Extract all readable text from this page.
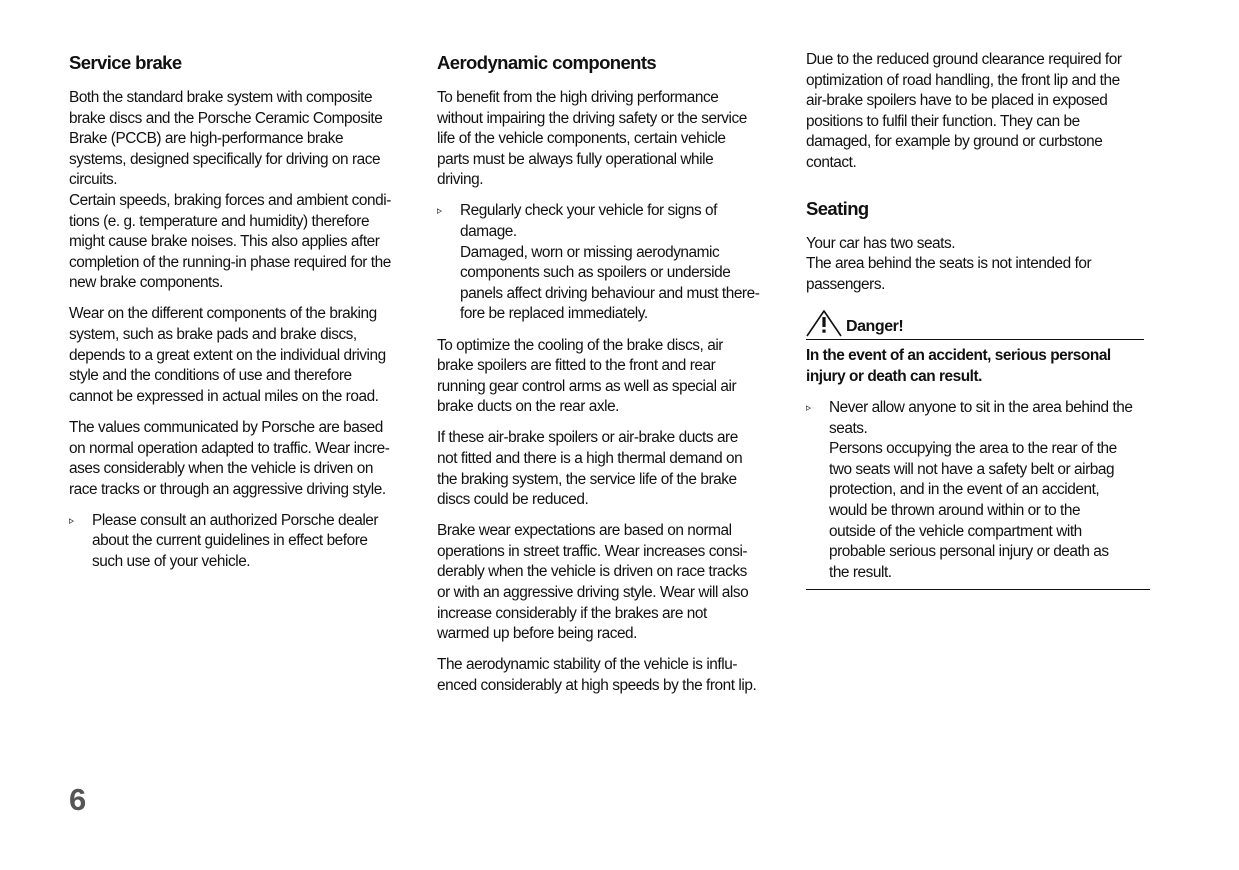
Service brake

Both the standard brake system with composite
brake discs and the Porsche Ceramic Composite
Brake (PCCB) are high-performance brake
systems, designed specifically for driving on race
circuits.
Certain speeds, braking forces and ambient condi-
tions (e. g. temperature and humidity) therefore
might cause brake noises. This also applies after
completion of the running-in phase required for the
new brake components.

Wear on the different components of the braking
system, such as brake pads and brake discs,
depends to a great extent on the individual driving
style and the conditions of use and therefore
cannot be expressed in actual miles on the road.

The values communicated by Porsche are based
on normal operation adapted to traffic. Wear incre-
ases considerably when the vehicle is driven on
race tracks or through an aggressive driving style.

▹ Please consult an authorized Porsche dealer
about the current guidelines in effect before
such use of your vehicle.
Aerodynamic components

To benefit from the high driving performance
without impairing the driving safety or the service
life of the vehicle components, certain vehicle
parts must be always fully operational while
driving.

▹ Regularly check your vehicle for signs of
damage.
Damaged, worn or missing aerodynamic
components such as spoilers or underside
panels affect driving behaviour and must there-
fore be replaced immediately.

To optimize the cooling of the brake discs, air
brake spoilers are fitted to the front and rear
running gear control arms as well as special air
brake ducts on the rear axle.

If these air-brake spoilers or air-brake ducts are
not fitted and there is a high thermal demand on
the braking system, the service life of the brake
discs could be reduced.

Brake wear expectations are based on normal
operations in street traffic. Wear increases consi-
derably when the vehicle is driven on race tracks
or with an aggressive driving style. Wear will also
increase considerably if the brakes are not
warmed up before being raced.

The aerodynamic stability of the vehicle is influ-
enced considerably at high speeds by the front lip.

Due to the reduced ground clearance required for
optimization of road handling, the front lip and the
air-brake spoilers have to be placed in exposed
positions to fulfil their function. They can be
damaged, for example by ground or curbstone
contact.

Seating

Your car has two seats.
The area behind the seats is not intended for
passengers.

Danger!

In the event of an accident, serious personal
injury or death can result.

▹ Never allow anyone to sit in the area behind the
seats.
Persons occupying the area to the rear of the
two seats will not have a safety belt or airbag
protection, and in the event of an accident,
would be thrown around within or to the
outside of the vehicle compartment with
probable serious personal injury or death as
the result.
6
